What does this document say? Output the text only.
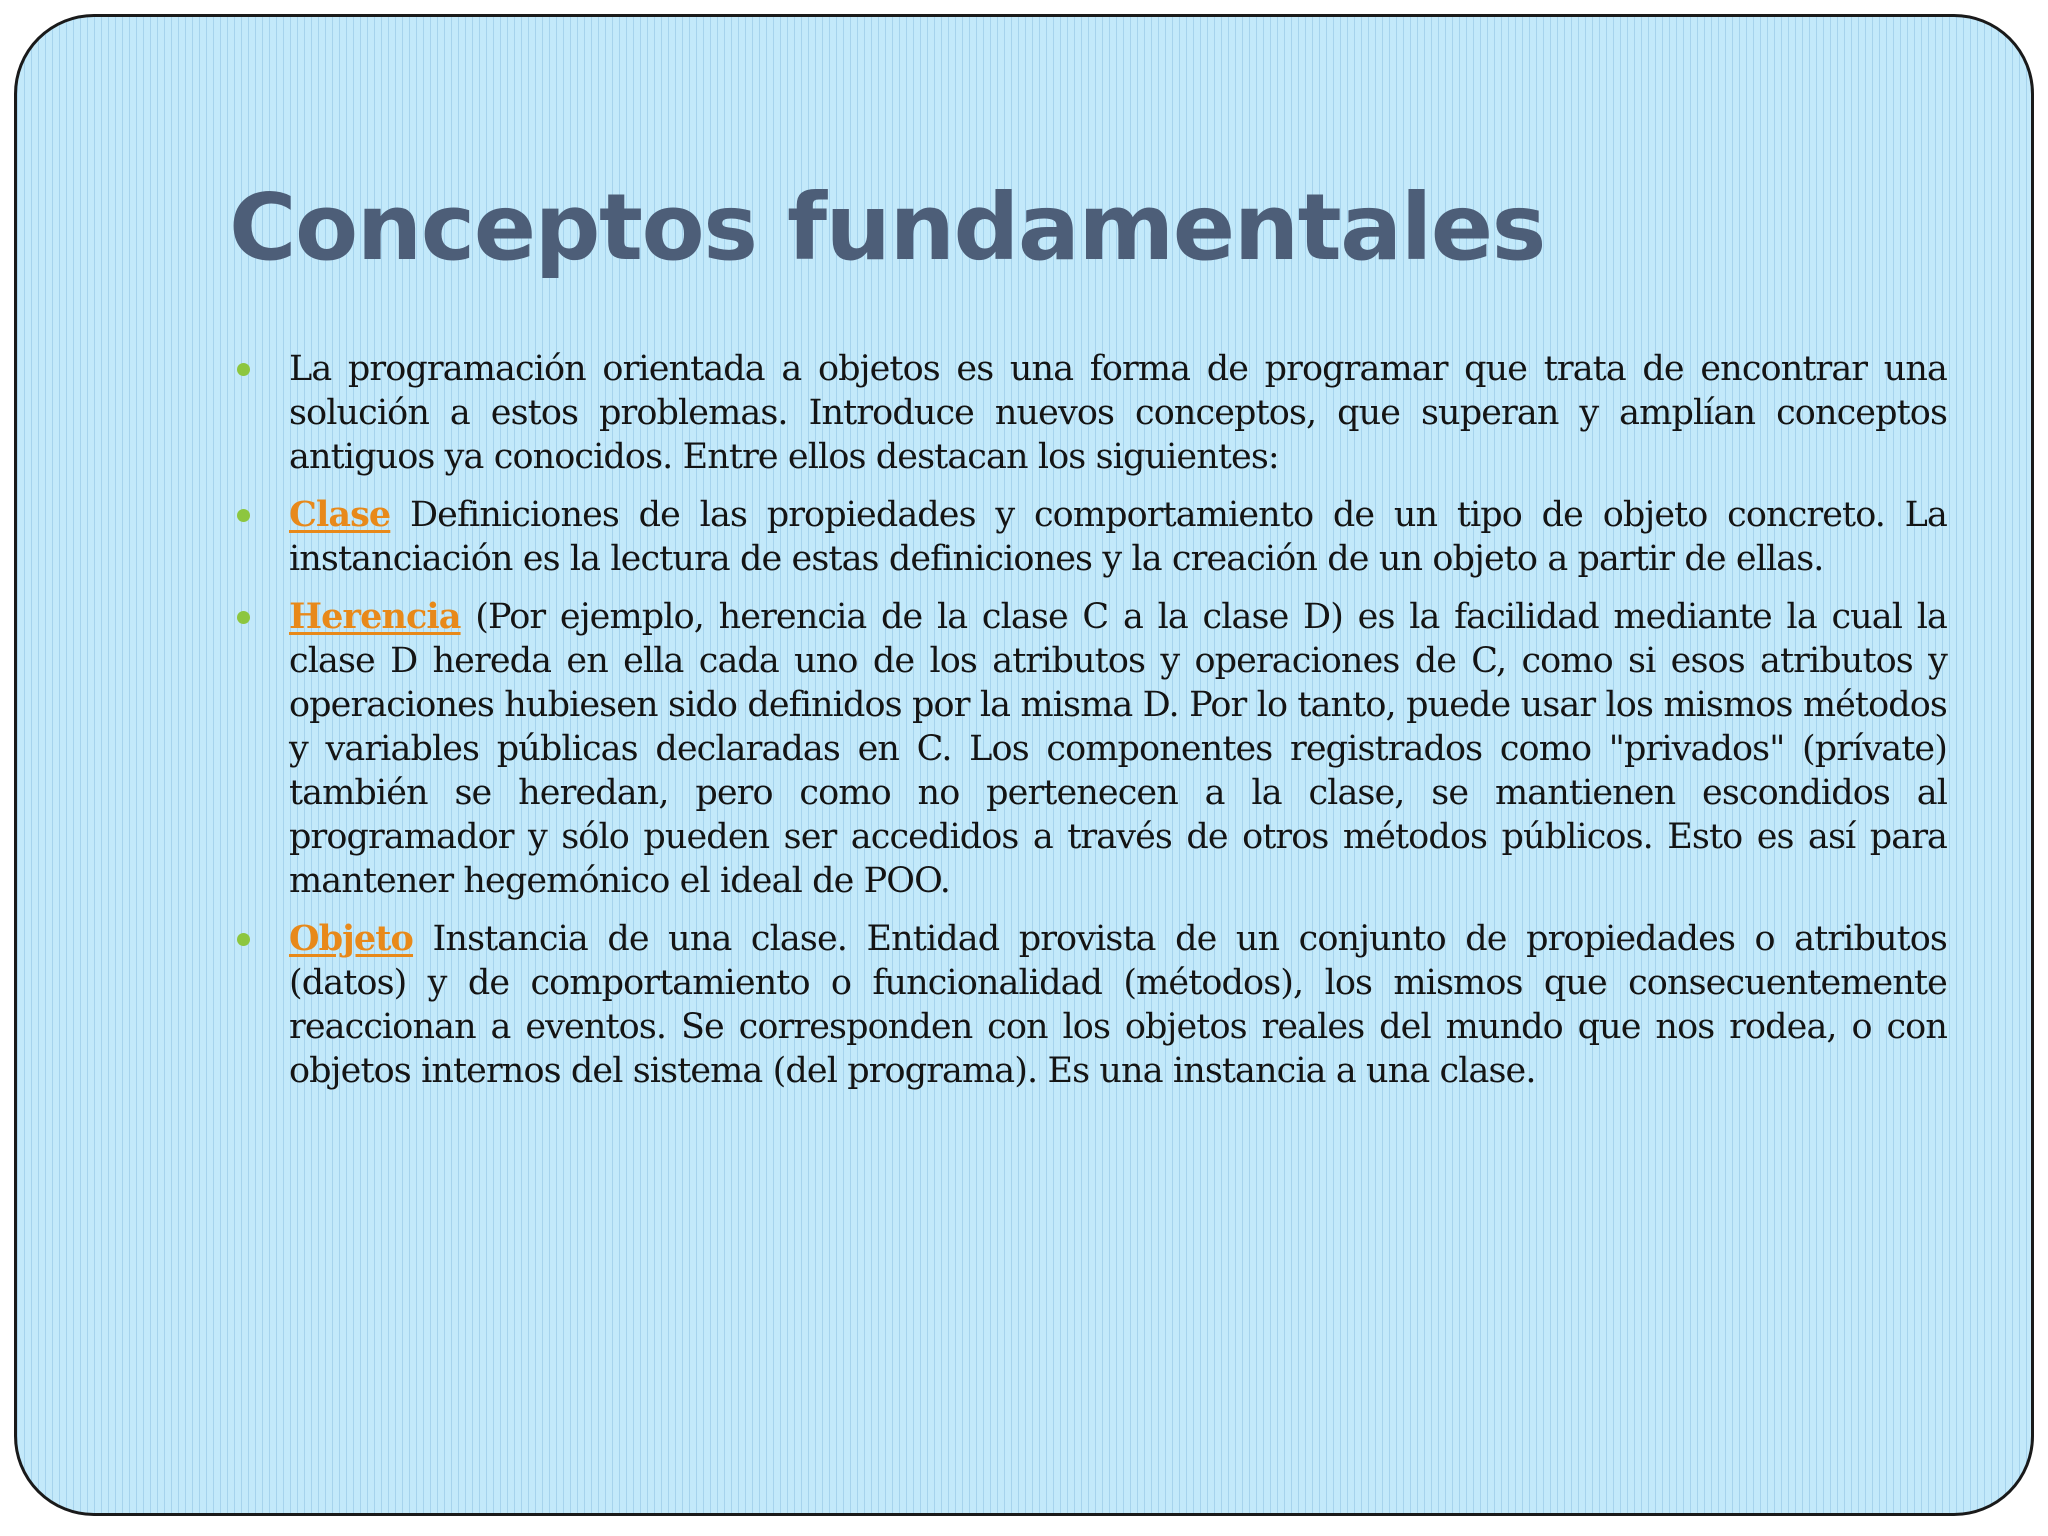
Conceptos fundamentales
La programación orientada a objetos es una forma de programar que trata de encontrar una solución a estos problemas. Introduce nuevos conceptos, que superan y amplían conceptos antiguos ya conocidos. Entre ellos destacan los siguientes:
Clase Definiciones de las propiedades y comportamiento de un tipo de objeto concreto. La instanciación es la lectura de estas definiciones y la creación de un objeto a partir de ellas.
Herencia (Por ejemplo, herencia de la clase C a la clase D) es la facilidad mediante la cual la clase D hereda en ella cada uno de los atributos y operaciones de C, como si esos atributos y operaciones hubiesen sido definidos por la misma D. Por lo tanto, puede usar los mismos métodos y variables públicas declaradas en C. Los componentes registrados como "privados" (prívate) también se heredan, pero como no pertenecen a la clase, se mantienen escondidos al programador y sólo pueden ser accedidos a través de otros métodos públicos. Esto es así para mantener hegemónico el ideal de POO.
Objeto Instancia de una clase. Entidad provista de un conjunto de propiedades o atributos (datos) y de comportamiento o funcionalidad (métodos), los mismos que consecuentemente reaccionan a eventos. Se corresponden con los objetos reales del mundo que nos rodea, o con objetos internos del sistema (del programa). Es una instancia a una clase.
